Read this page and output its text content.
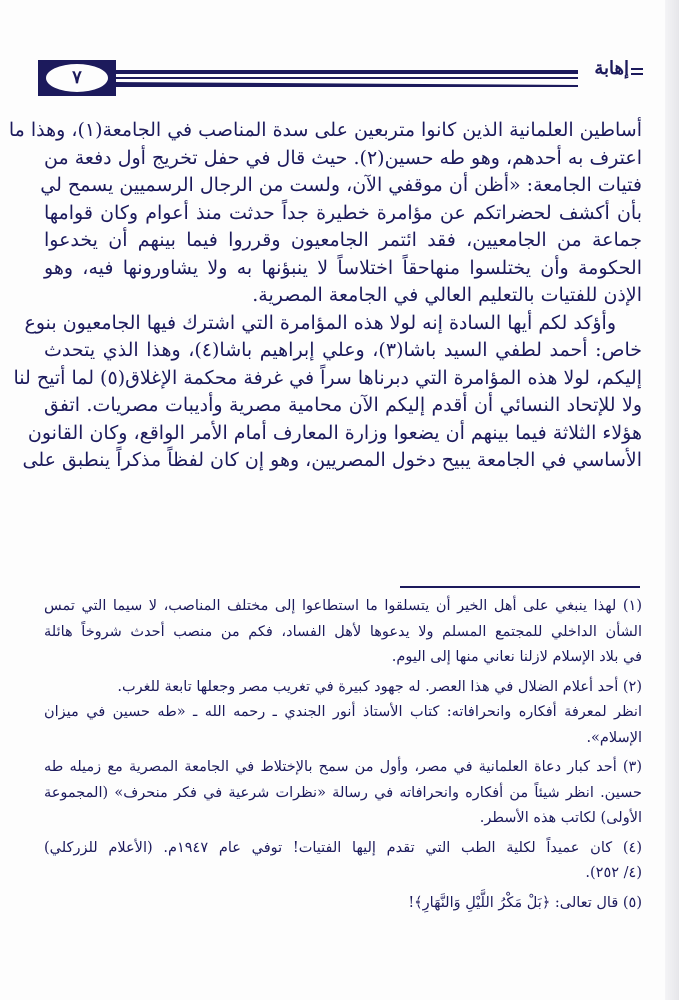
٧	إهابة
أساطين العلمانية الذين كانوا متربعين على سدة المناصب في الجامعة(١)، وهذا ما
اعترف به أحدهم، وهو طه حسين(٢). حيث قال في حفل تخريج أول دفعة من
فتيات الجامعة: «أظن أن موقفي الآن، ولست من الرجال الرسميين يسمح لي
بأن أكشف لحضراتكم عن مؤامرة خطيرة جداً حدثت منذ أعوام وكان قوامها
جماعة من الجامعيين، فقد ائتمر الجامعيون وقرروا فيما بينهم أن يخدعوا
الحكومة وأن يختلسوا منهاحقاً اختلاساً لا ينبؤنها به ولا يشاورونها فيه، وهو
الإذن للفتيات بالتعليم العالي في الجامعة المصرية.
وأؤكد لكم أيها السادة إنه لولا هذه المؤامرة التي اشترك فيها الجامعيون بنوع
خاص: أحمد لطفي السيد باشا(٣)، وعلي إبراهيم باشا(٤)، وهذا الذي يتحدث
إليكم، لولا هذه المؤامرة التي دبرناها سراً في غرفة محكمة الإغلاق(٥) لما أتيح لنا
ولا للإتحاد النسائي أن أقدم إليكم الآن محامية مصرية وأديبات مصريات. اتفق
هؤلاء الثلاثة فيما بينهم أن يضعوا وزارة المعارف أمام الأمر الواقع، وكان القانون
الأساسي في الجامعة يبيح دخول المصريين، وهو إن كان لفظاً مذكراً ينطبق على
(١) لهذا ينبغي على أهل الخير أن يتسلقوا ما استطاعوا إلى مختلف المناصب، لا سيما التي تمس
الشأن الداخلي للمجتمع المسلم ولا يدعوها لأهل الفساد، فكم من منصب أحدث شروخاً هائلة
في بلاد الإسلام لازلنا نعاني منها إلى اليوم.
(٢) أحد أعلام الضلال في هذا العصر. له جهود كبيرة في تغريب مصر وجعلها تابعة للغرب.
انظر لمعرفة أفكاره وانحرافاته: كتاب الأستاذ أنور الجندي ـ رحمه الله ـ «طه حسين في ميزان
الإسلام».
(٣) أحد كبار دعاة العلمانية في مصر، وأول من سمح بالإختلاط في الجامعة المصرية مع زميله طه
حسين. انظر شيئاً من أفكاره وانحرافاته في رسالة «نظرات شرعية في فكر منحرف» (المجموعة
الأولى) لكاتب هذه الأسطر.
(٤) كان عميداً لكلية الطب التي تقدم إليها الفتيات! توفي عام ١٩٤٧م. (الأعلام للزركلي)
(٤/ ٢٥٢).
(٥) قال تعالى: ﴿بَلْ مَكْرُ اللَّيْلِ وَالنَّهَارِ﴾!
